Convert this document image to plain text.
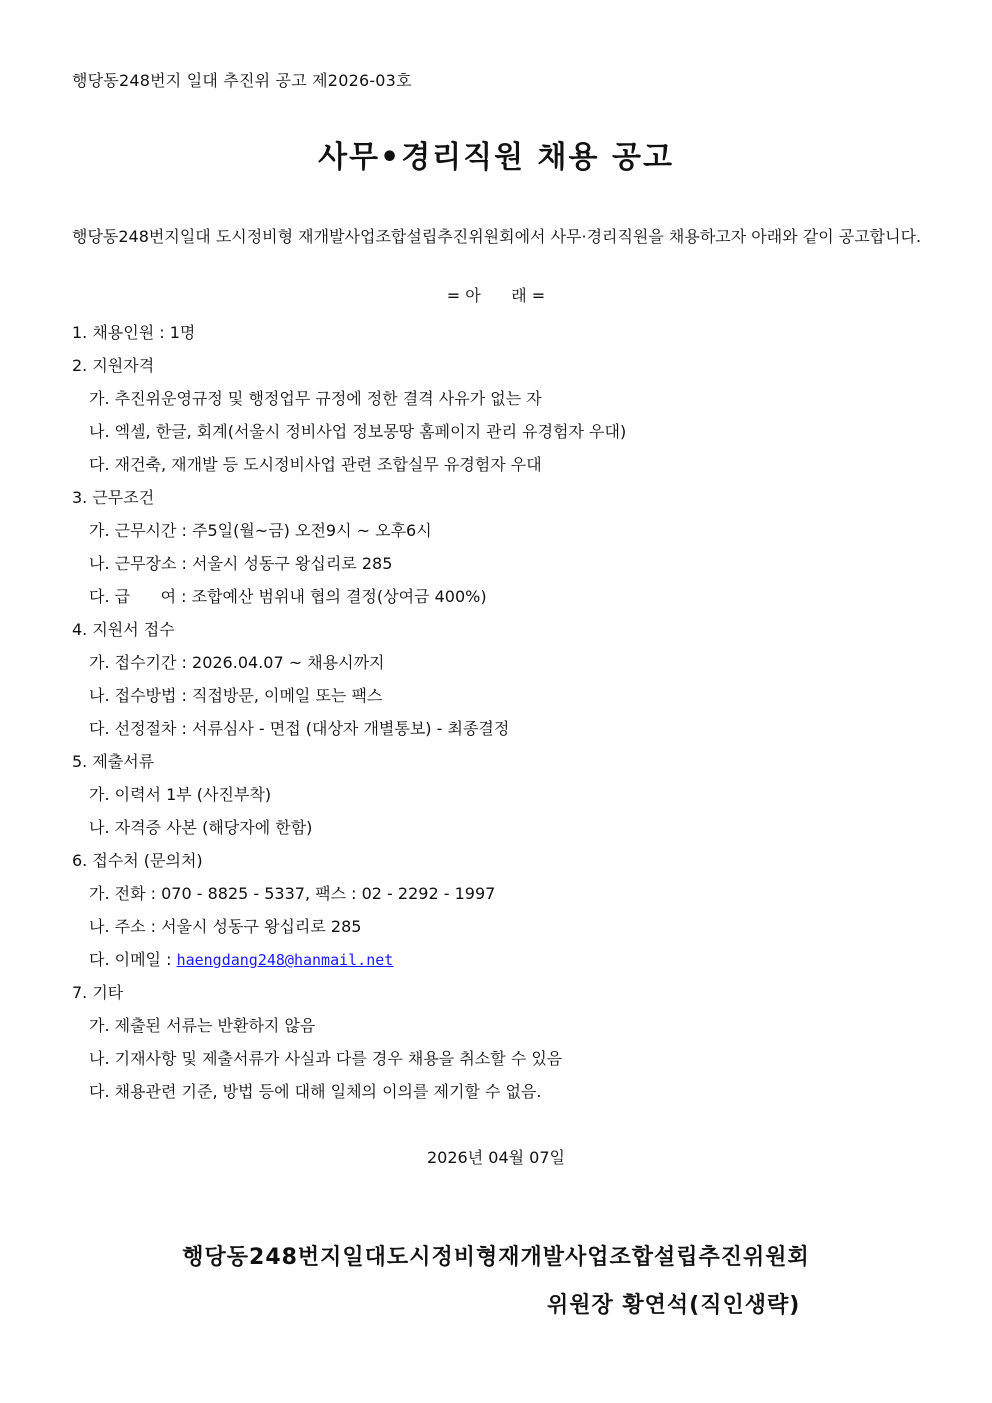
행당동248번지 일대 추진위 공고 제2026-03호
사무•경리직원 채용 공고
행당동248번지일대 도시정비형 재개발사업조합설립추진위원회에서 사무·경리직원을 채용하고자 아래와 같이 공고합니다.
= 아      래 =
1. 채용인원 : 1명
2. 지원자격
가. 추진위운영규정 및 행정업무 규정에 정한 결격 사유가 없는 자
나. 엑셀, 한글, 회계(서울시 정비사업 정보몽땅 홈페이지 관리 유경험자 우대)
다. 재건축, 재개발 등 도시정비사업 관련 조합실무 유경험자 우대
3. 근무조건
가. 근무시간 : 주5일(월~금) 오전9시 ~ 오후6시
나. 근무장소 : 서울시 성동구 왕십리로 285
다. 급      여 : 조합예산 범위내 협의 결정(상여금 400%)
4. 지원서 접수
가. 접수기간 : 2026.04.07 ~ 채용시까지
나. 접수방법 : 직접방문, 이메일 또는 팩스
다. 선정절차 : 서류심사 - 면접 (대상자 개별통보) - 최종결정
5. 제출서류
가. 이력서 1부 (사진부착)
나. 자격증 사본 (해당자에 한함)
6. 접수처 (문의처)
가. 전화 : 070 - 8825 - 5337, 팩스 : 02 - 2292 - 1997
나. 주소 : 서울시 성동구 왕십리로 285
다. 이메일 : haengdang248@hanmail.net
7. 기타
가. 제출된 서류는 반환하지 않음
나. 기재사항 및 제출서류가 사실과 다를 경우 채용을 취소할 수 있음
다. 채용관련 기준, 방법 등에 대해 일체의 이의를 제기할 수 없음.
2026년 04월 07일
행당동248번지일대도시정비형재개발사업조합설립추진위원회
위원장 황연석(직인생략)
